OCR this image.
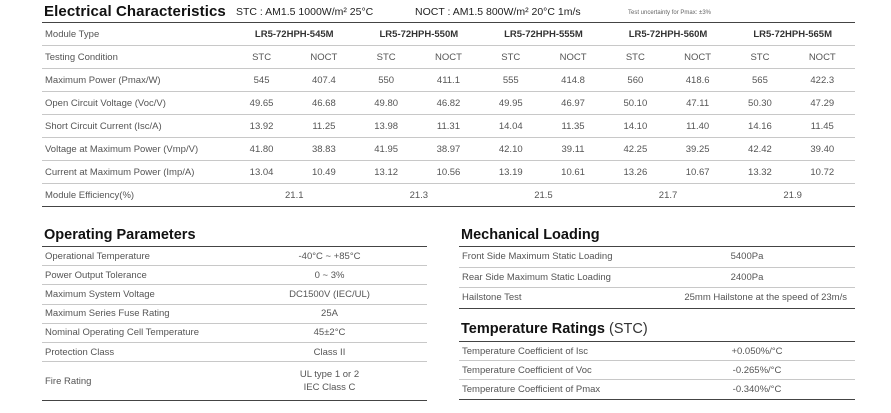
Electrical Characteristics STC : AM1.5 1000W/m² 25°C	NOCT : AM1.5 800W/m² 20°C 1m/s	Test uncertainty for Pmax: ±3%
Module Type	LR5-72HPH-545M		LR5-72HPH-550M		LR5-72HPH-555M		LR5-72HPH-560M		LR5-72HPH-565M	
Testing Condition	STC	NOCT	STC	NOCT	STC	NOCT	STC	NOCT	STC	NOCT
Maximum Power (Pmax/W)	545	407.4	550	411.1	555	414.8	560	418.6	565	422.3
Open Circuit Voltage (Voc/V)	49.65	46.68	49.80	46.82	49.95	46.97	50.10	47.11	50.30	47.29
Short Circuit Current (Isc/A)	13.92	11.25	13.98	11.31	14.04	11.35	14.10	11.40	14.16	11.45
Voltage at Maximum Power (Vmp/V)	41.80	38.83	41.95	38.97	42.10	39.11	42.25	39.25	42.42	39.40
Current at Maximum Power (Imp/A)	13.04	10.49	13.12	10.56	13.19	10.61	13.26	10.67	13.32	10.72
Module Efficiency(%)	21.1		21.3		21.5		21.7		21.9	
Operating Parameters
Operational Temperature	-40°C ~ +85°C
Power Output Tolerance	0 ~ 3%
Maximum System Voltage	DC1500V (IEC/UL)
Maximum Series Fuse Rating	25A
Nominal Operating Cell Temperature	45±2°C
Protection Class	Class II
Fire Rating	UL type 1 or 2
IEC Class C
Mechanical Loading
Front Side Maximum Static Loading	5400Pa
Rear Side Maximum Static Loading	2400Pa
Hailstone Test	25mm Hailstone at the speed of 23m/s
Temperature Ratings (STC)
Temperature Coefficient of Isc	+0.050%/°C
Temperature Coefficient of Voc	-0.265%/°C
Temperature Coefficient of Pmax	-0.340%/°C
